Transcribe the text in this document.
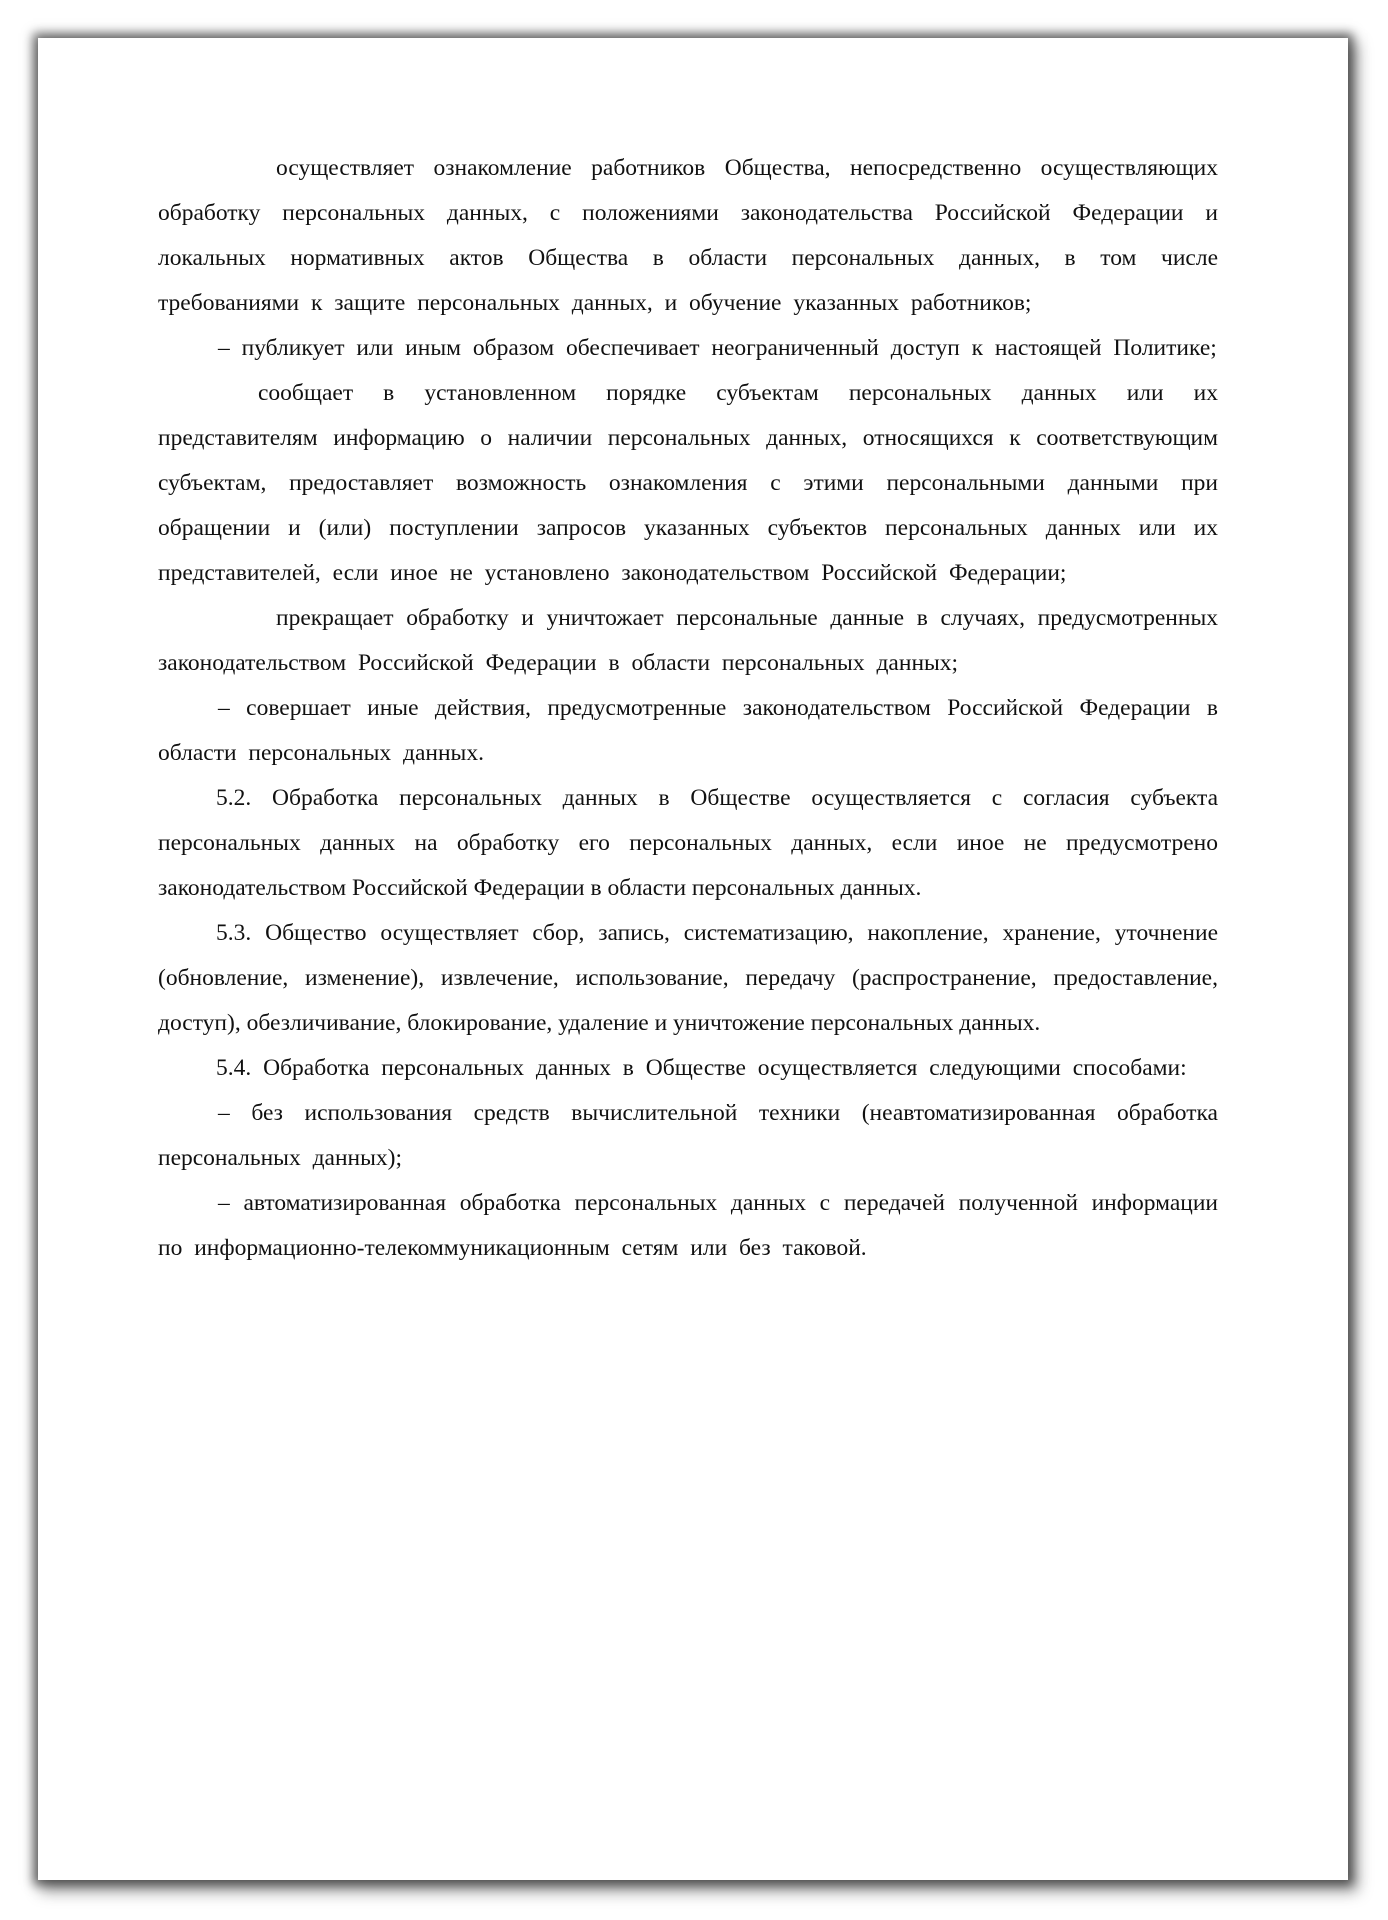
осуществляет ознакомление работников Общества, непосредственно осуществляющих обработку персональных данных, с положениями законодательства Российской Федерации и локальных нормативных актов Общества в области персональных данных, в том числе требованиями к защите персональных данных, и обучение указанных работников;

– публикует или иным образом обеспечивает неограниченный доступ к настоящей Политике;

сообщает в установленном порядке субъектам персональных данных или их представителям информацию о наличии персональных данных, относящихся к соответствующим субъектам, предоставляет возможность ознакомления с этими персональными данными при обращении и (или) поступлении запросов указанных субъектов персональных данных или их представителей, если иное не установлено законодательством Российской Федерации;

прекращает обработку и уничтожает персональные данные в случаях, предусмотренных законодательством Российской Федерации в области персональных данных;

– совершает иные действия, предусмотренные законодательством Российской Федерации в области персональных данных.

5.2. Обработка персональных данных в Обществе осуществляется с согласия субъекта персональных данных на обработку его персональных данных, если иное не предусмотрено законодательством Российской Федерации в области персональных данных.

5.3. Общество осуществляет сбор, запись, систематизацию, накопление, хранение, уточнение (обновление, изменение), извлечение, использование, передачу (распространение, предоставление, доступ), обезличивание, блокирование, удаление и уничтожение персональных данных.

5.4. Обработка персональных данных в Обществе осуществляется следующими способами:

– без использования средств вычислительной техники (неавтоматизированная обработка персональных данных);

– автоматизированная обработка персональных данных с передачей полученной информации по информационно-телекоммуникационным сетям или без таковой.
